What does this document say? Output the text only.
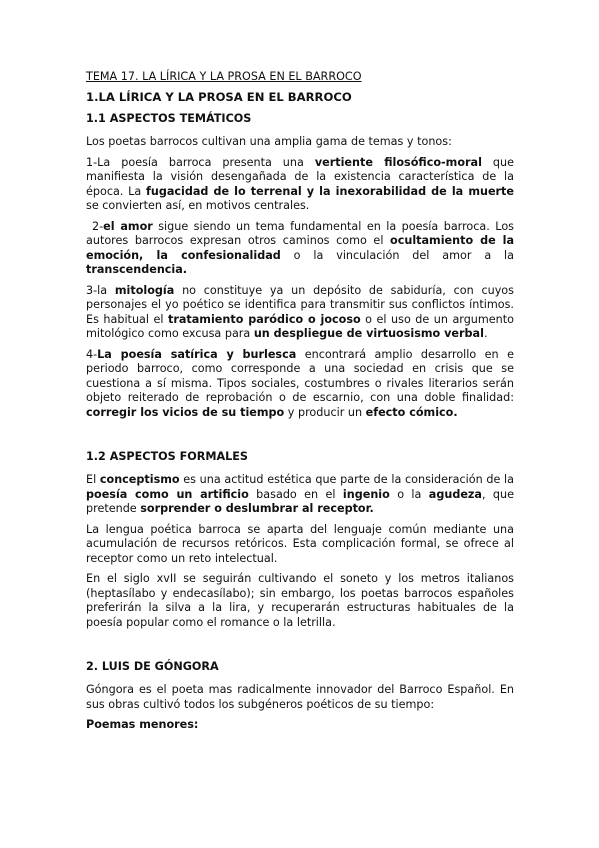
TEMA 17. LA LÍRICA Y LA PROSA EN EL BARROCO
1.LA LÍRICA Y LA PROSA EN EL BARROCO
1.1 ASPECTOS TEMÁTICOS

Los poetas barrocos cultivan una amplia gama de temas y tonos:

1-La poesía barroca presenta una vertiente filosófico-moral que manifiesta la visión desengañada de la existencia característica de la época. La fugacidad de lo terrenal y la inexorabilidad de la muerte se convierten así, en motivos centrales.

2-el amor sigue siendo un tema fundamental en la poesía barroca. Los autores barrocos expresan otros caminos como el ocultamiento de la emoción, la confesionalidad o la vinculación del amor a la transcendencia.

3-la mitología no constituye ya un depósito de sabiduría, con cuyos personajes el yo poético se identifica para transmitir sus conflictos íntimos. Es habitual el tratamiento paródico o jocoso o el uso de un argumento mitológico como excusa para un despliegue de virtuosismo verbal.

4-La poesía satírica y burlesca encontrará amplio desarrollo en e periodo barroco, como corresponde a una sociedad en crisis que se cuestiona a sí misma. Tipos sociales, costumbres o rivales literarios serán objeto reiterado de reprobación o de escarnio, con una doble finalidad: corregir los vicios de su tiempo y producir un efecto cómico.

1.2 ASPECTOS FORMALES

El conceptismo es una actitud estética que parte de la consideración de la poesía como un artificio basado en el ingenio o la agudeza, que pretende sorprender o deslumbrar al receptor.

La lengua poética barroca se aparta del lenguaje común mediante una acumulación de recursos retóricos. Esta complicación formal, se ofrece al receptor como un reto intelectual.

En el siglo xvII se seguirán cultivando el soneto y los metros italianos (heptasílabo y endecasílabo); sin embargo, los poetas barrocos españoles preferirán la silva a la lira, y recuperarán estructuras habituales de la poesía popular como el romance o la letrilla.

2. LUIS DE GÓNGORA

Góngora es el poeta mas radicalmente innovador del Barroco Español. En sus obras cultivó todos los subgéneros poéticos de su tiempo:

Poemas menores:
